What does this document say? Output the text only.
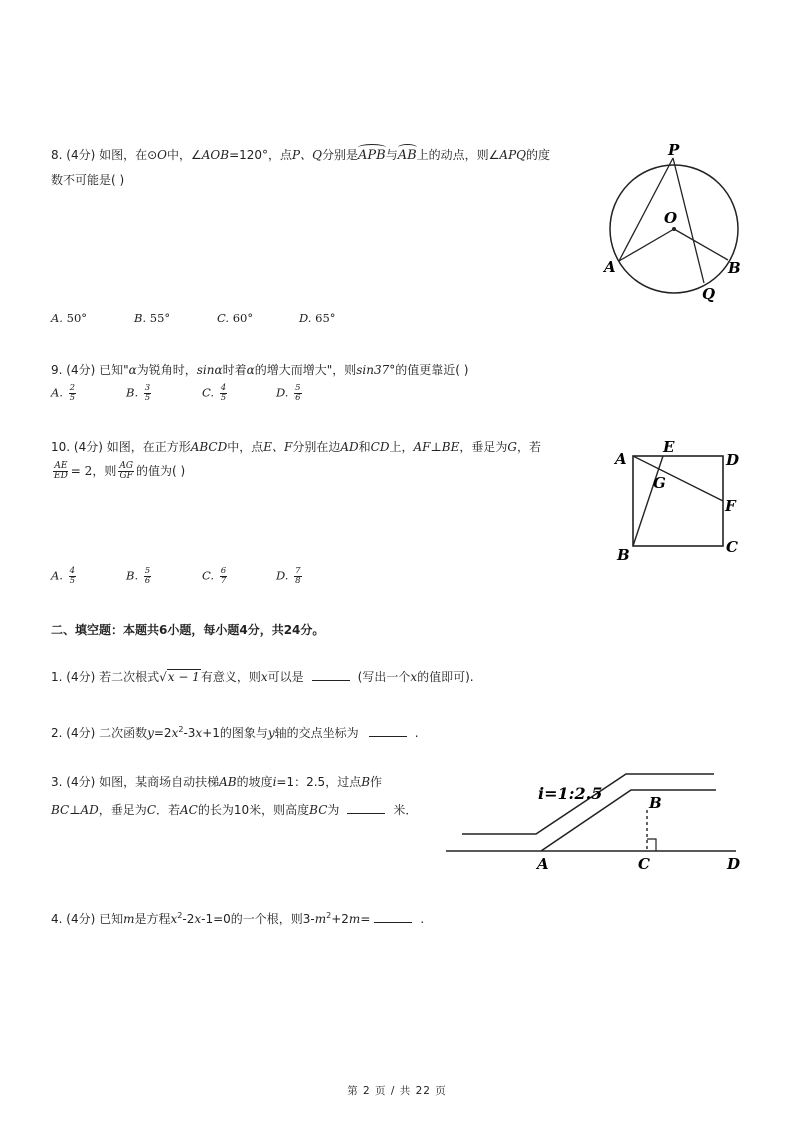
8. (4分) 如图，在⊙O中，∠AOB=120°，点P、Q分别是
APB与
AB上的动点，则∠APQ的度
数不可能是( )
P
O
A	B
Q
A. 50°	B. 55°	C. 60°	D. 65°
9. (4分) 已知"α为锐角时，sinα时着α的增大而增大"，则sin37°的值更靠近( )
A. $\frac{2}{5}$	B. $\frac{3}{5}$	C. $\frac{4}{5}$	D. $\frac{5}{6}$
10. (4分) 如图，在正方形ABCD中，点E、F分别在边AD和CD上，AF⊥BE，垂足为G，若
$\frac{AE}{ED} = 2$，则 $\frac{AG}{GF}$ 的值为( )
A
E
D
G
F
B	C
A. $\frac{4}{5}$	B. $\frac{5}{6}$	C. $\frac{6}{7}$	D. $\frac{7}{8}$
二、填空题：本题共6小题，每小题4分，共24分。
1. (4分) 若二次根式√x − 1有意义，则x可以是	(写出一个x的值即可).
2. (4分) 二次函数$y=2x^2-3x+1$的图象与y轴的交点坐标为	.
3. (4分) 如图，某商场自动扶梯AB的坡度i=1：2.5，过点B作
BC⊥AD，垂足为C．若AC的长为10米，则高度BC为	米．
i=1:2.5	B
A	C	D
4. (4分) 已知m是方程$x^2-2x-1=0$的一个根，则$3-m^2+2m=$	.
第 2 页 / 共 22 页
